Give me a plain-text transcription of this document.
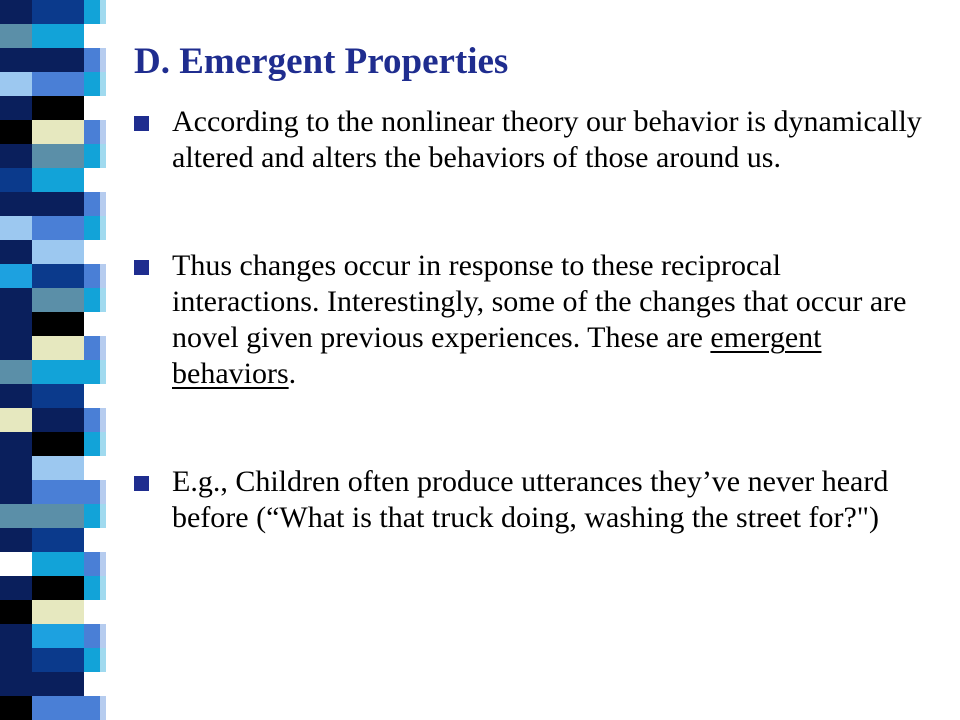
D. Emergent Properties
According to the nonlinear theory our behavior is dynamically altered and alters the behaviors of those around us.
Thus changes occur in response to these reciprocal interactions. Interestingly, some of the changes that occur are novel given previous experiences. These are emergent behaviors.
E.g., Children often produce utterances they’ve never heard before (“What is that truck doing, washing the street for?")
